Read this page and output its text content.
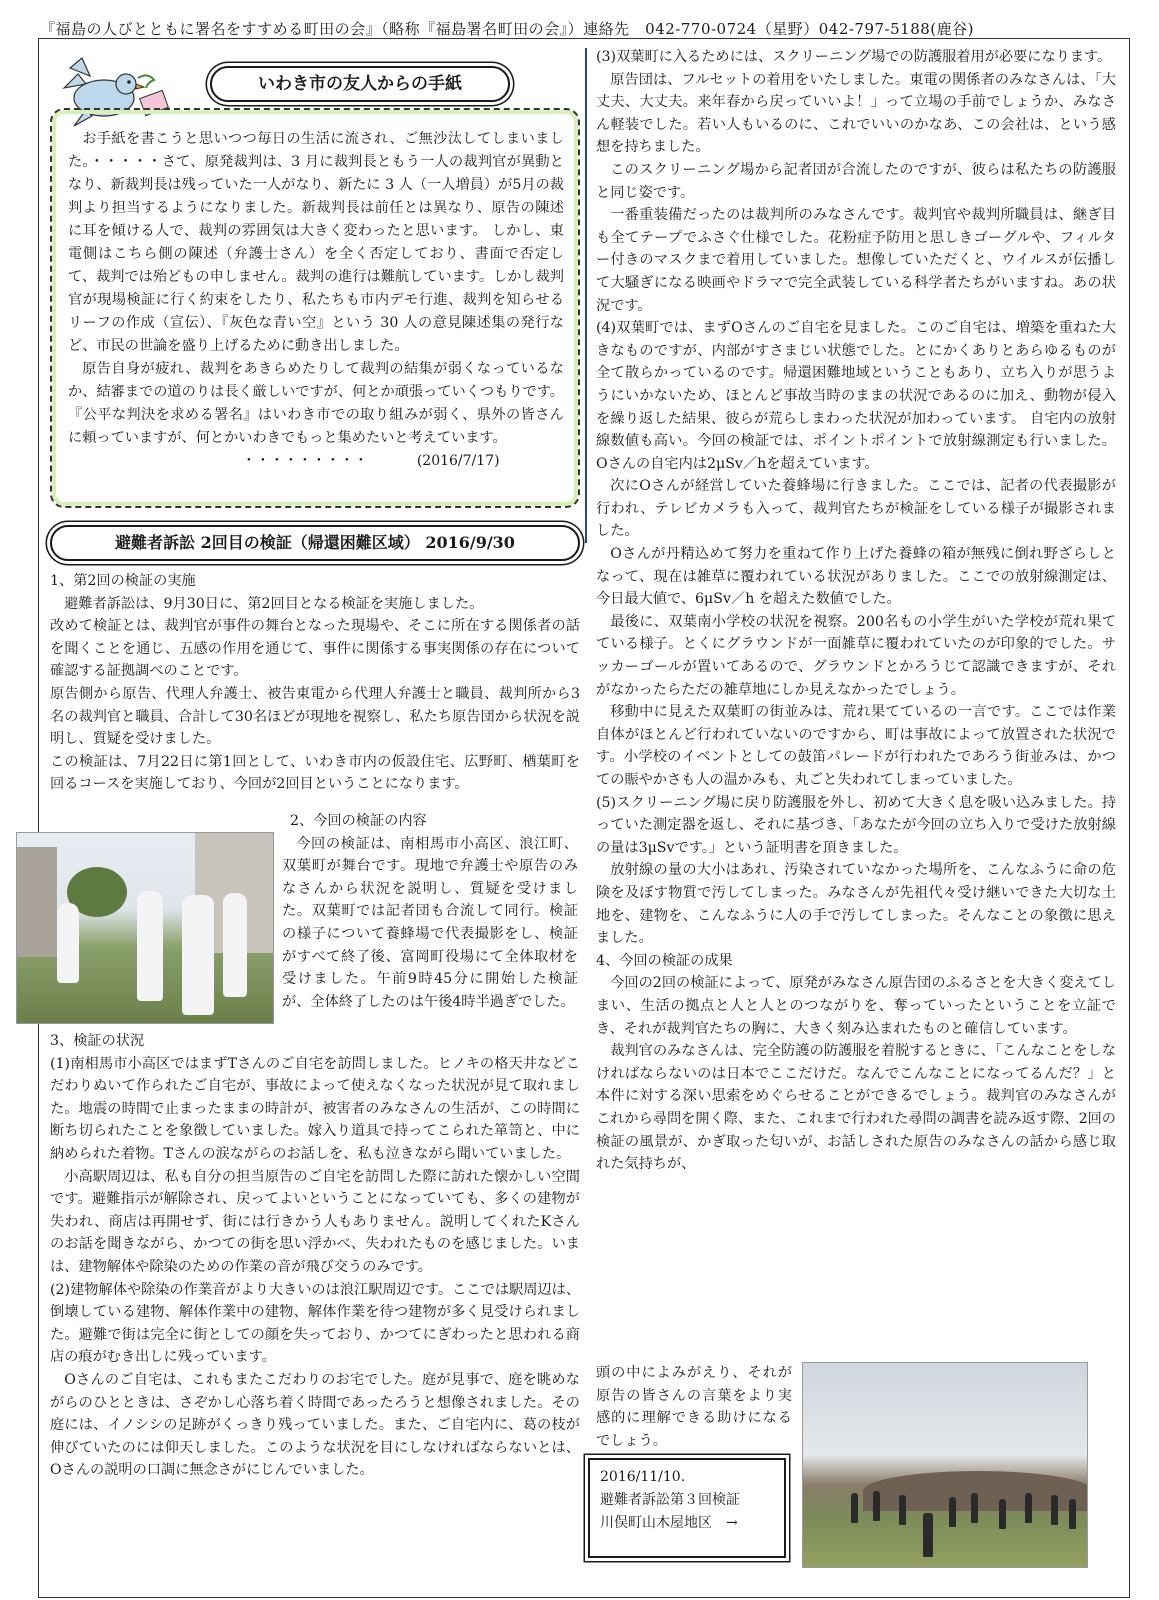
『福島の人びとともに署名をすすめる町田の会』（略称『福島署名町田の会』）連絡先　042-770-0724（星野）042-797-5188(鹿谷)
いわき市の友人からの手紙

お手紙を書こうと思いつつ毎日の生活に流され、ご無沙汰してしまいました。・・・・・さて、原発裁判は、3 月に裁判長ともう一人の裁判官が異動となり、新裁判長は残っていた一人がなり、新たに 3 人（一人増員）が5月の裁判より担当するようになりました。新裁判長は前任とは異なり、原告の陳述に耳を傾ける人で、裁判の雰囲気は大きく変わったと思います。 しかし、東電側はこちら側の陳述（弁護士さん）を全く否定しており、書面で否定して、裁判では殆どもの申しません。裁判の進行は難航しています。しかし裁判官が現場検証に行く約束をしたり、私たちも市内デモ行進、裁判を知らせるリーフの作成（宣伝）、『灰色な青い空』という 30 人の意見陳述集の発行など、市民の世論を盛り上げるために動き出しました。

原告自身が疲れ、裁判をあきらめたりして裁判の結集が弱くなっているなか、結審までの道のりは長く厳しいですが、何とか頑張っていくつもりです。『公平な判決を求める署名』はいわき市での取り組みが弱く、県外の皆さんに頼っていますが、何とかいわきでもっと集めたいと考えています。

・・・・・・・・・	(2016/7/17)
避難者訴訟 2回目の検証（帰還困難区域） 2016/9/30
1、第2回の検証の実施
避難者訴訟は、9月30日に、第2回目となる検証を実施しました。
改めて検証とは、裁判官が事件の舞台となった現場や、そこに所在する関係者の話を聞くことを通じ、五感の作用を通じて、事件に関係する事実関係の存在について確認する証拠調べのことです。
原告側から原告、代理人弁護士、被告東電から代理人弁護士と職員、裁判所から3名の裁判官と職員、合計して30名ほどが現地を視察し、私たち原告団から状況を説明し、質疑を受けました。
この検証は、7月22日に第1回として、いわき市内の仮設住宅、広野町、楢葉町を回るコースを実施しており、今回が2回目ということになります。
2、今回の検証の内容
今回の検証は、南相馬市小高区、浪江町、双葉町が舞台です。現地で弁護士や原告のみなさんから状況を説明し、質疑を受けました。双葉町では記者団も合流して同行。検証の様子について養蜂場で代表撮影をし、検証がすべて終了後、富岡町役場にて全体取材を受けました。午前9時45分に開始した検証が、全体終了したのは午後4時半過ぎでした。
3、検証の状況
(1)南相馬市小高区ではまずTさんのご自宅を訪問しました。ヒノキの格天井などこだわりぬいて作られたご自宅が、事故によって使えなくなった状況が見て取れました。地震の時間で止まったままの時計が、被害者のみなさんの生活が、この時間に断ち切られたことを象徴していました。嫁入り道具で持ってこられた箪笥と、中に納められた着物。Tさんの涙ながらのお話しを、私も泣きながら聞いていました。
小高駅周辺は、私も自分の担当原告のご自宅を訪問した際に訪れた懐かしい空間です。避難指示が解除され、戻ってよいということになっていても、多くの建物が失われ、商店は再開せず、街には行きかう人もありません。説明してくれたKさんのお話を聞きながら、かつての街を思い浮かべ、失われたものを感じました。いまは、建物解体や除染のための作業の音が飛び交うのみです。
(2)建物解体や除染の作業音がより大きいのは浪江駅周辺です。ここでは駅周辺は、倒壊している建物、解体作業中の建物、解体作業を待つ建物が多く見受けられました。避難で街は完全に街としての顔を失っており、かつてにぎわったと思われる商店の痕がむき出しに残っています。
Oさんのご自宅は、これもまたこだわりのお宅でした。庭が見事で、庭を眺めながらのひとときは、さぞかし心落ち着く時間であったろうと想像されました。その庭には、イノシシの足跡がくっきり残っていました。また、ご自宅内に、葛の枝が伸びていたのには仰天しました。このような状況を目にしなければならないとは、Oさんの説明の口調に無念さがにじんでいました。
(3)双葉町に入るためには、スクリーニング場での防護服着用が必要になります。
原告団は、フルセットの着用をいたしました。東電の関係者のみなさんは、「大丈夫、大丈夫。来年春から戻っていいよ！」って立場の手前でしょうか、みなさん軽装でした。若い人もいるのに、これでいいのかなあ、この会社は、という感想を持ちました。
このスクリーニング場から記者団が合流したのですが、彼らは私たちの防護服と同じ姿です。
一番重装備だったのは裁判所のみなさんです。裁判官や裁判所職員は、継ぎ目も全てテープでふさぐ仕様でした。花粉症予防用と思しきゴーグルや、フィルター付きのマスクまで着用していました。想像していただくと、ウイルスが伝播して大騒ぎになる映画やドラマで完全武装している科学者たちがいますね。あの状況です。
(4)双葉町では、まずOさんのご自宅を見ました。このご自宅は、増築を重ねた大きなものですが、内部がすさまじい状態でした。とにかくありとあらゆるものが全て散らかっているのです。帰還困難地域ということもあり、立ち入りが思うようにいかないため、ほとんど事故当時のままの状況であるのに加え、動物が侵入を繰り返した結果、彼らが荒らしまわった状況が加わっています。 自宅内の放射線数値も高い。今回の検証では、ポイントポイントで放射線測定も行いました。Oさんの自宅内は2μSv／hを超えています。
次にOさんが経営していた養蜂場に行きました。ここでは、記者の代表撮影が行われ、テレビカメラも入って、裁判官たちが検証をしている様子が撮影されました。
Oさんが丹精込めて努力を重ねて作り上げた養蜂の箱が無残に倒れ野ざらしとなって、現在は雑草に覆われている状況がありました。ここでの放射線測定は、今日最大値で、6μSv／h を超えた数値でした。
最後に、双葉南小学校の状況を視察。200名もの小学生がいた学校が荒れ果てている様子。とくにグラウンドが一面雑草に覆われていたのが印象的でした。サッカーゴールが置いてあるので、グラウンドとかろうじて認識できますが、それがなかったらただの雑草地にしか見えなかったでしょう。
移動中に見えた双葉町の街並みは、荒れ果てているの一言です。ここでは作業自体がほとんど行われていないのですから、町は事故によって放置された状況です。小学校のイベントとしての鼓笛パレードが行われたであろう街並みは、かつての賑やかさも人の温かみも、丸ごと失われてしまっていました。
(5)スクリーニング場に戻り防護服を外し、初めて大きく息を吸い込みました。持っていた測定器を返し、それに基づき、「あなたが今回の立ち入りで受けた放射線の量は3μSvです。」という証明書を頂きました。
放射線の量の大小はあれ、汚染されていなかった場所を、こんなふうに命の危険を及ぼす物質で汚してしまった。みなさんが先祖代々受け継いできた大切な土地を、建物を、こんなふうに人の手で汚してしまった。そんなことの象徴に思えました。
4、今回の検証の成果
今回の2回の検証によって、原発がみなさん原告団のふるさとを大きく変えてしまい、生活の拠点と人と人とのつながりを、奪っていったということを立証でき、それが裁判官たちの胸に、大きく刻み込まれたものと確信しています。
裁判官のみなさんは、完全防護の防護服を着脱するときに、「こんなことをしなければならないのは日本でここだけだ。なんでこんなことになってるんだ？」と本件に対する深い思索をめぐらせることができるでしょう。裁判官のみなさんがこれから尋問を開く際、また、これまで行われた尋問の調書を読み返す際、2回の検証の風景が、かぎ取った匂いが、お話しされた原告のみなさんの話から感じ取れた気持ちが、
頭の中によみがえり、それが原告の皆さんの言葉をより実感的に理解できる助けになるでしょう。
2016/11/10.
避難者訴訟第３回検証
川俣町山木屋地区　→
